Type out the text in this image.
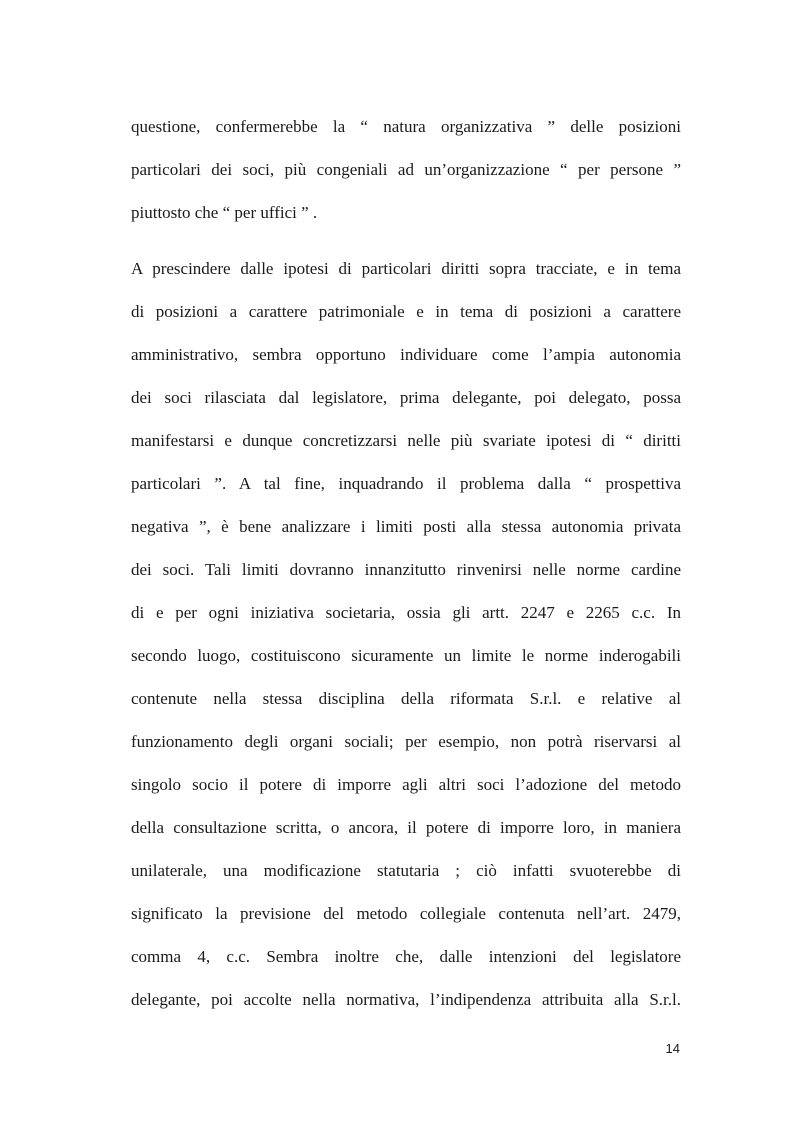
questione, confermerebbe la “ natura organizzativa ” delle posizioni
particolari dei soci, più congeniali ad un’organizzazione “ per persone ”
piuttosto che “ per uffici ” .
A prescindere dalle ipotesi di particolari diritti sopra tracciate, e in tema
di posizioni a carattere patrimoniale e in tema di posizioni a carattere
amministrativo, sembra opportuno individuare come l’ampia autonomia
dei soci rilasciata dal legislatore, prima delegante, poi delegato, possa
manifestarsi e dunque concretizzarsi nelle più svariate ipotesi di “ diritti
particolari ”. A tal fine, inquadrando il problema dalla “ prospettiva
negativa ”, è bene analizzare i limiti posti alla stessa autonomia privata
dei soci. Tali limiti dovranno innanzitutto rinvenirsi nelle norme cardine
di e per ogni iniziativa societaria, ossia gli artt. 2247 e 2265 c.c. In
secondo luogo, costituiscono sicuramente un limite le norme inderogabili
contenute nella stessa disciplina della riformata S.r.l. e relative al
funzionamento degli organi sociali; per esempio, non potrà riservarsi al
singolo socio il potere di imporre agli altri soci l’adozione del metodo
della consultazione scritta, o ancora, il potere di imporre loro, in maniera
unilaterale, una modificazione statutaria ; ciò infatti svuoterebbe di
significato la previsione del metodo collegiale contenuta nell’art. 2479,
comma 4, c.c. Sembra inoltre che, dalle intenzioni del legislatore
delegante, poi accolte nella normativa, l’indipendenza attribuita alla S.r.l.
14
